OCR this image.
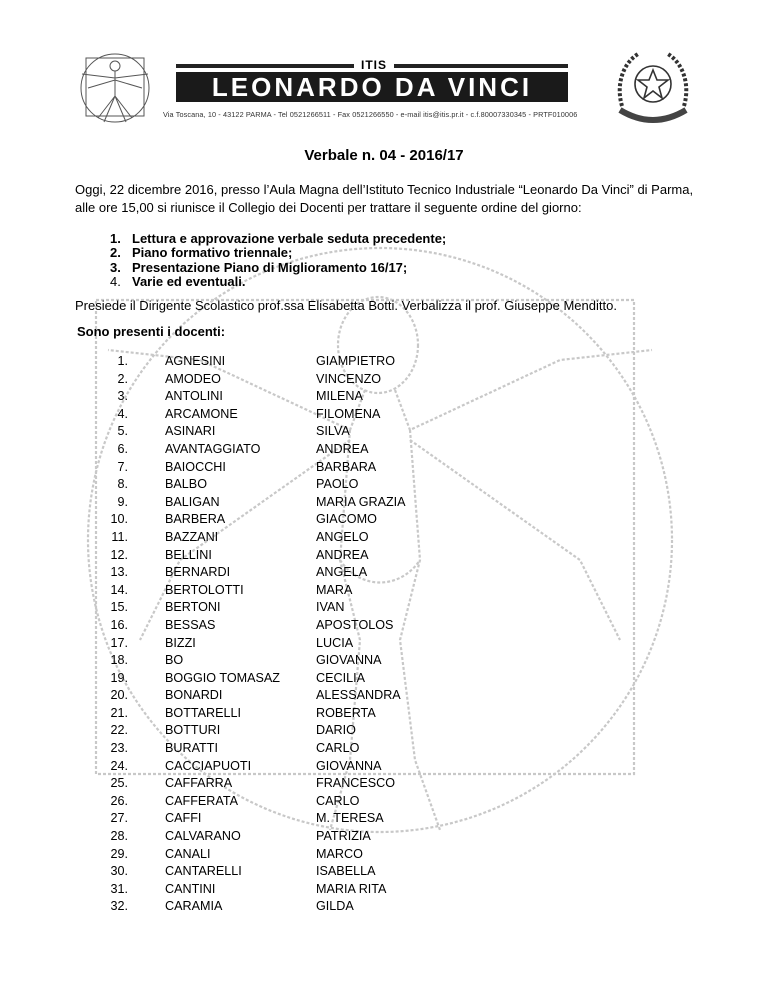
ITIS
LEONARDO DA VINCI
Via Toscana, 10 - 43122 PARMA - Tel 0521266511 - Fax 0521266550 - e-mail itis@itis.pr.it - c.f.80007330345 - PRTF010006
Verbale n. 04 - 2016/17
Oggi, 22 dicembre 2016, presso l’Aula Magna dell’Istituto Tecnico Industriale “Leonardo Da Vinci” di Parma, alle ore 15,00 si riunisce il Collegio dei Docenti per trattare il seguente ordine del giorno:
1. Lettura e approvazione verbale seduta precedente;
2. Piano formativo triennale;
3. Presentazione Piano di Miglioramento 16/17;
4. Varie ed eventuali.
Presiede il Dirigente Scolastico prof.ssa Elisabetta Botti. Verbalizza il prof. Giuseppe Menditto.
Sono presenti i docenti:
1.	AGNESINI	GIAMPIETRO
2.	AMODEO	VINCENZO
3.	ANTOLINI	MILENA
4.	ARCAMONE	FILOMENA
5.	ASINARI	SILVA
6.	AVANTAGGIATO	ANDREA
7.	BAIOCCHI	BARBARA
8.	BALBO	PAOLO
9.	BALIGAN	MARIA GRAZIA
10.	BARBERA	GIACOMO
11.	BAZZANI	ANGELO
12.	BELLINI	ANDREA
13.	BERNARDI	ANGELA
14.	BERTOLOTTI	MARA
15.	BERTONI	IVAN
16.	BESSAS	APOSTOLOS
17.	BIZZI	LUCIA
18.	BO	GIOVANNA
19.	BOGGIO TOMASAZ	CECILIA
20.	BONARDI	ALESSANDRA
21.	BOTTARELLI	ROBERTA
22.	BOTTURI	DARIO
23.	BURATTI	CARLO
24.	CACCIAPUOTI	GIOVANNA
25.	CAFFARRA	FRANCESCO
26.	CAFFERATA	CARLO
27.	CAFFI	M. TERESA
28.	CALVARANO	PATRIZIA
29.	CANALI	MARCO
30.	CANTARELLI	ISABELLA
31.	CANTINI	MARIA RITA
32.	CARAMIA	GILDA
